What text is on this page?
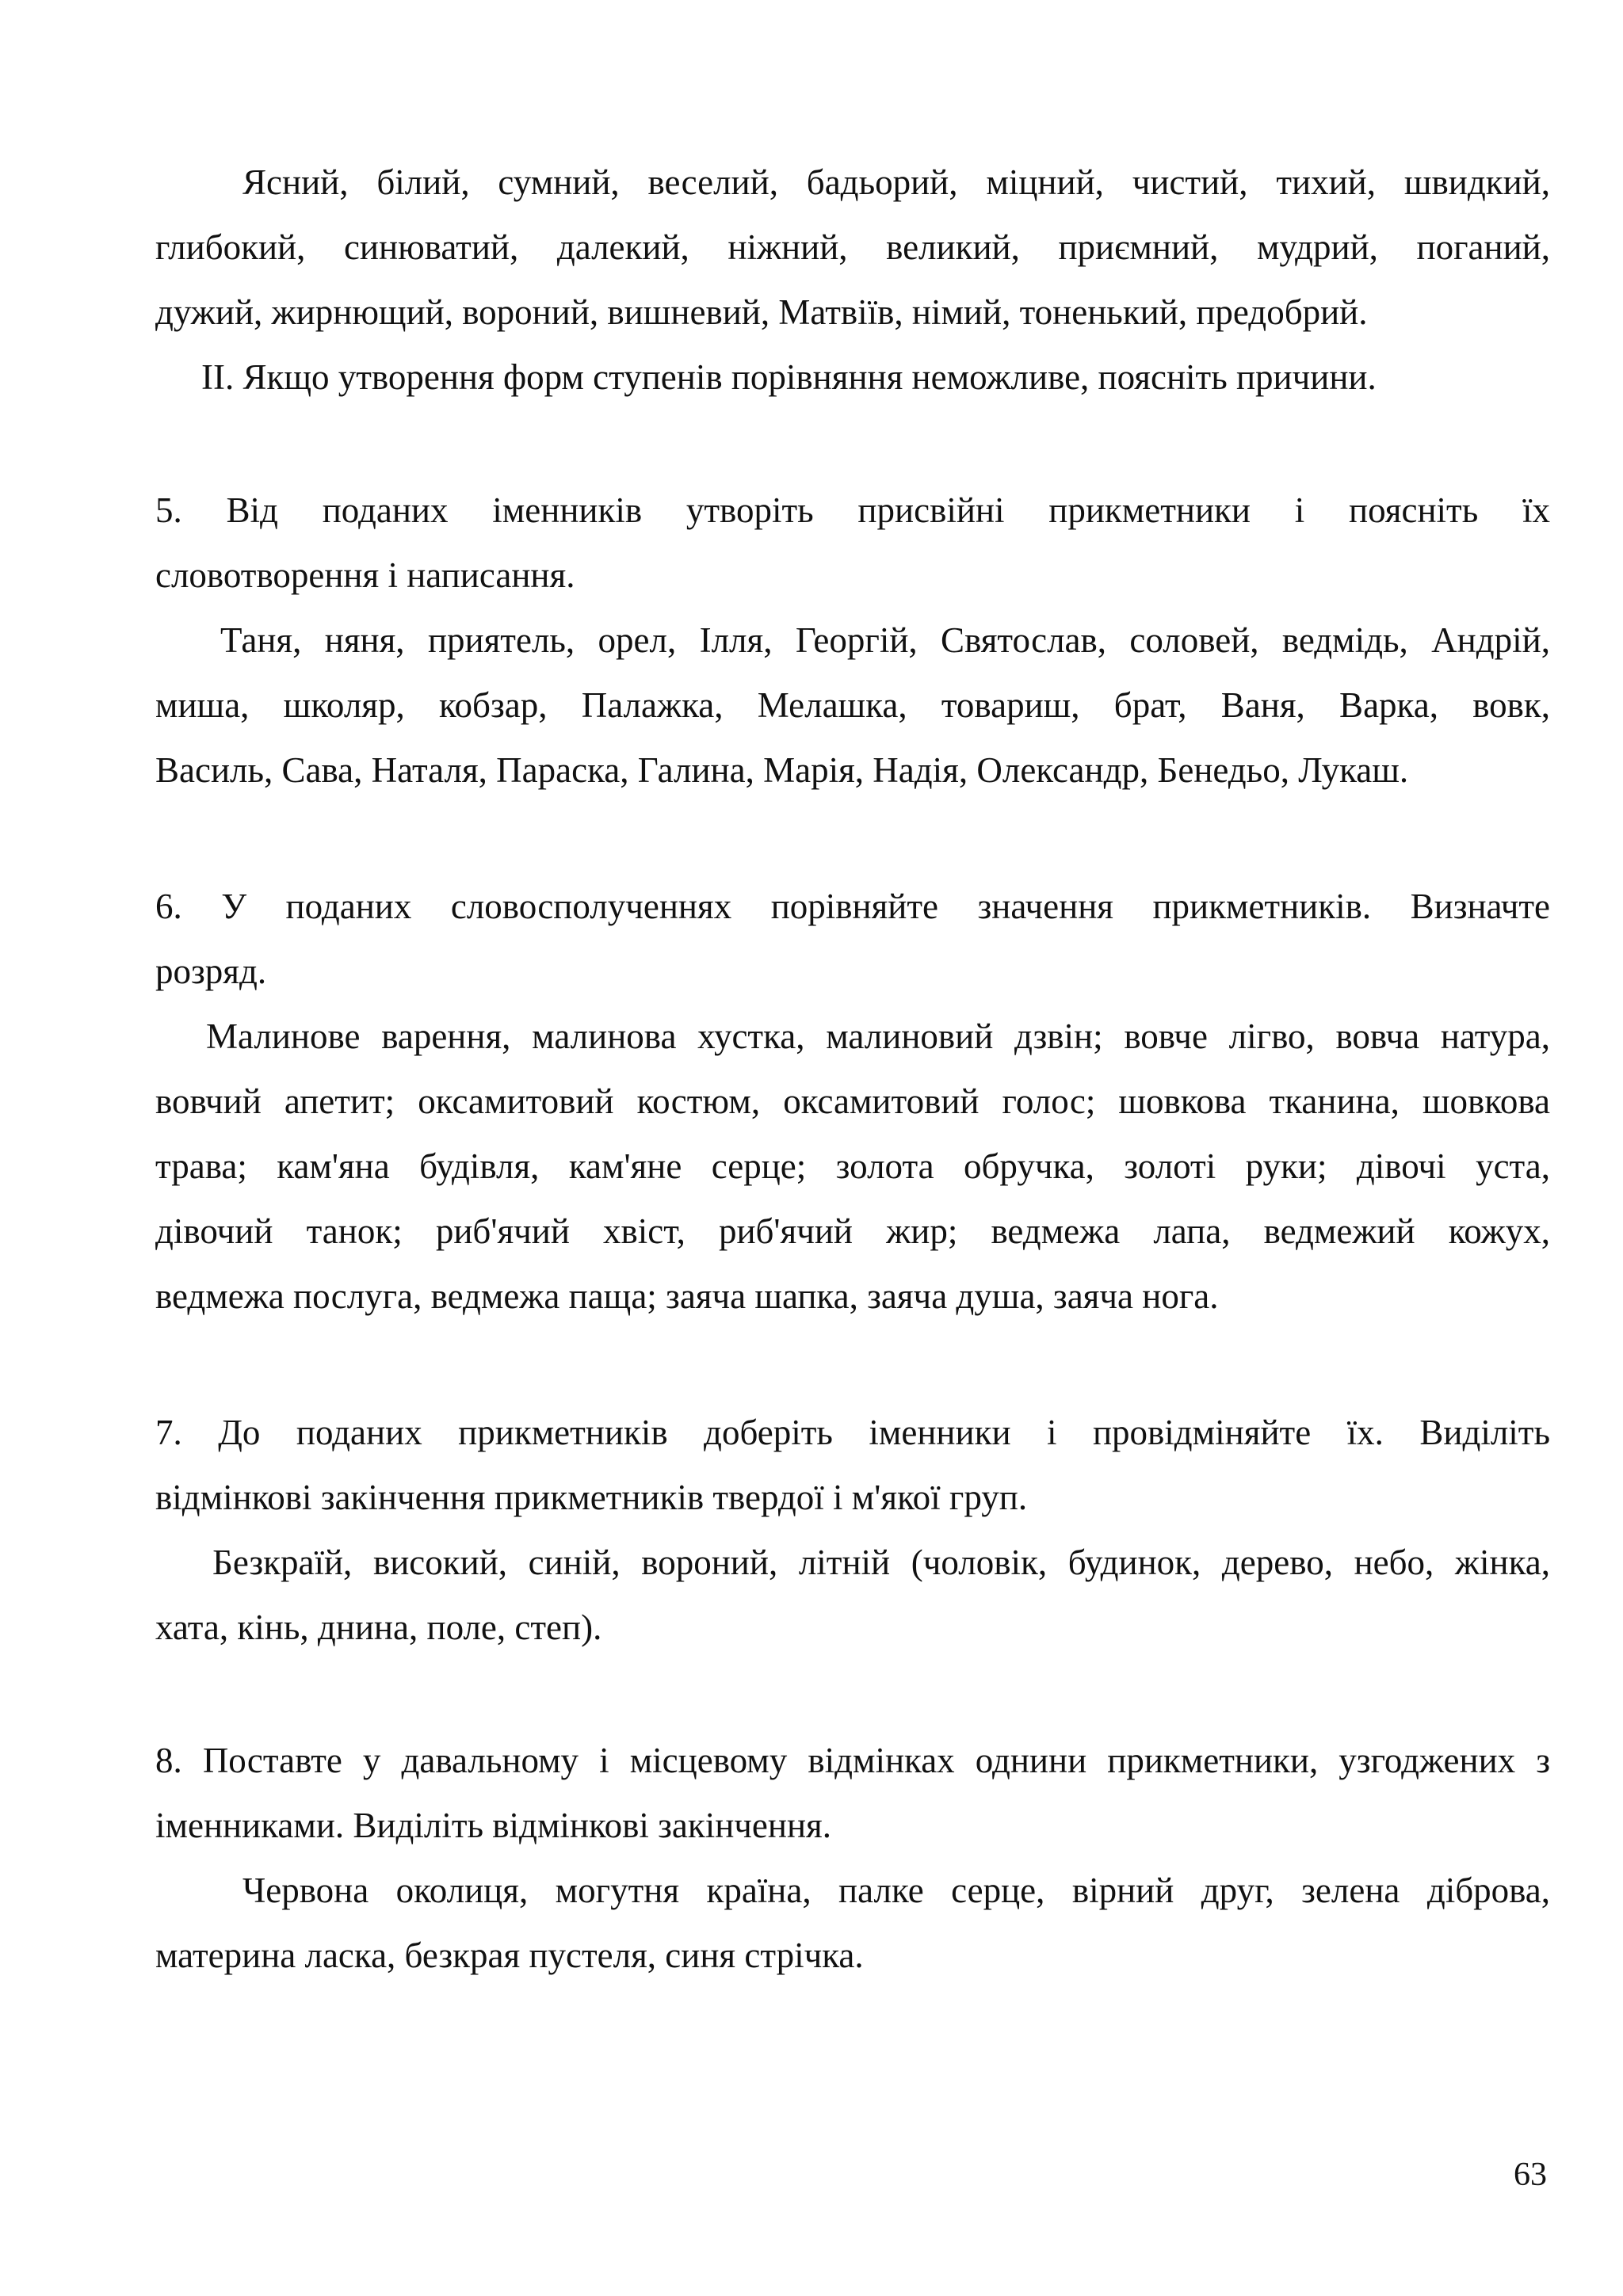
Ясний, білий, сумний, веселий, бадьорий, міцний, чистий, тихий, швидкий,
глибокий, синюватий, далекий, ніжний, великий, приємний, мудрий, поганий,
дужий, жирнющий, вороний, вишневий, Матвіїв, німий, тоненький, предобрий.
ІІ. Якщо утворення форм ступенів порівняння неможливе, поясніть причини.
5. Від поданих іменників утворіть присвійні прикметники і поясніть їх
словотворення і написання.
Таня, няня, приятель, орел, Ілля, Георгій, Святослав, соловей, ведмідь, Андрій,
миша, школяр, кобзар, Палажка, Мелашка, товариш, брат, Ваня, Варка, вовк,
Василь, Сава, Наталя, Параска, Галина, Марія, Надія, Олександр, Бенедьо, Лукаш.
6. У поданих словосполученнях порівняйте значення прикметників. Визначте
розряд.
Малинове варення, малинова хустка, малиновий дзвін; вовче лігво, вовча натура,
вовчий апетит; оксамитовий костюм, оксамитовий голос; шовкова тканина, шовкова
трава; кам'яна будівля, кам'яне серце; золота обручка, золоті руки; дівочі уста,
дівочий танок; риб'ячий хвіст, риб'ячий жир; ведмежа лапа, ведмежий кожух,
ведмежа послуга, ведмежа паща; заяча шапка, заяча душа, заяча нога.
7. До поданих прикметників доберіть іменники і провідміняйте їх. Виділіть
відмінкові закінчення прикметників твердої і м'якої груп.
Безкраїй, високий, синій, вороний, літній (чоловік, будинок, дерево, небо, жінка,
хата, кінь, днина, поле, степ).
8. Поставте у давальному і місцевому відмінках однини прикметники, узгоджених з
іменниками. Виділіть відмінкові закінчення.
Червона околиця, могутня країна, палке серце, вірний друг, зелена діброва,
материна ласка, безкрая пустеля, синя стрічка.
63
